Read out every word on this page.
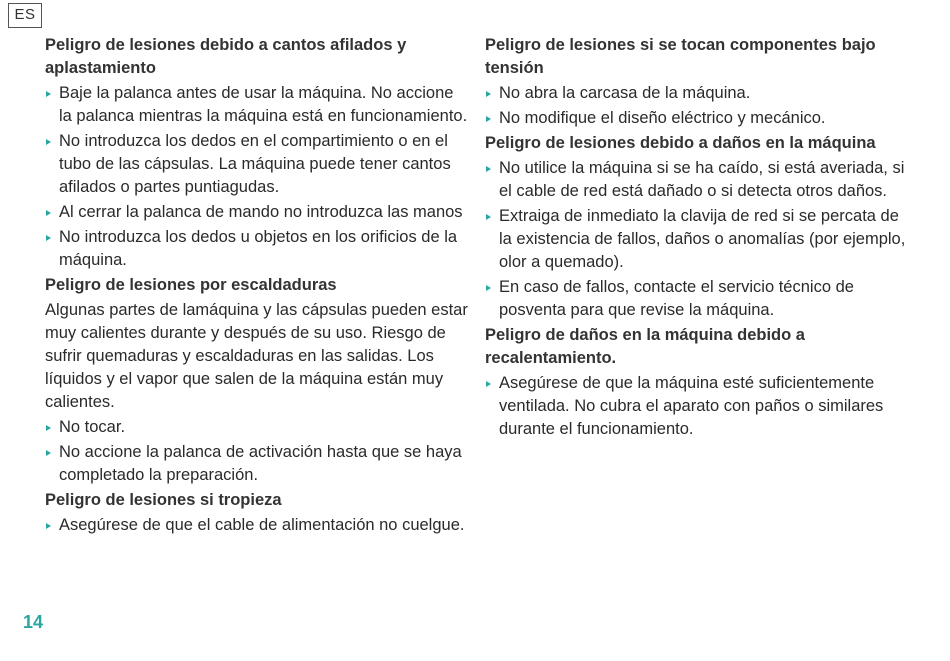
ES
Peligro de lesiones debido a cantos afilados y aplastamiento
Baje la palanca antes de usar la máquina. No accione la palanca mientras la máquina está en funcionamiento.
No introduzca los dedos en el compartimiento o en el tubo de las cápsulas. La máquina puede tener cantos afilados o partes puntiagudas.
Al cerrar la palanca de mando no introduzca las manos
No introduzca los dedos u objetos en los orificios de la máquina.
Peligro de lesiones por escaldaduras
Algunas partes de lamáquina y las cápsulas pueden estar muy calientes durante y después de su uso. Riesgo de sufrir quemaduras y escaldaduras en las salidas. Los líquidos y el vapor que salen de la máquina están muy calientes.
No tocar.
No accione la palanca de activación hasta que se haya completado la preparación.
Peligro de lesiones si tropieza
Asegúrese de que el cable de alimentación no cuelgue.
Peligro de lesiones si se tocan componentes bajo tensión
No abra la carcasa de la máquina.
No modifique el diseño eléctrico y mecánico.
Peligro de lesiones debido a daños en la máquina
No utilice la máquina si se ha caído, si está averiada, si el cable de red está dañado o si detecta otros daños.
Extraiga de inmediato la clavija de red si se percata de la existencia de fallos, daños o anomalías (por ejemplo, olor a quemado).
En caso de fallos, contacte el servicio técnico de posventa para que revise la máquina.
Peligro de daños en la máquina debido a recalentamiento.
Asegúrese de que la máquina esté suficientemente ventilada. No cubra el aparato con paños o similares durante el funcionamiento.
14
